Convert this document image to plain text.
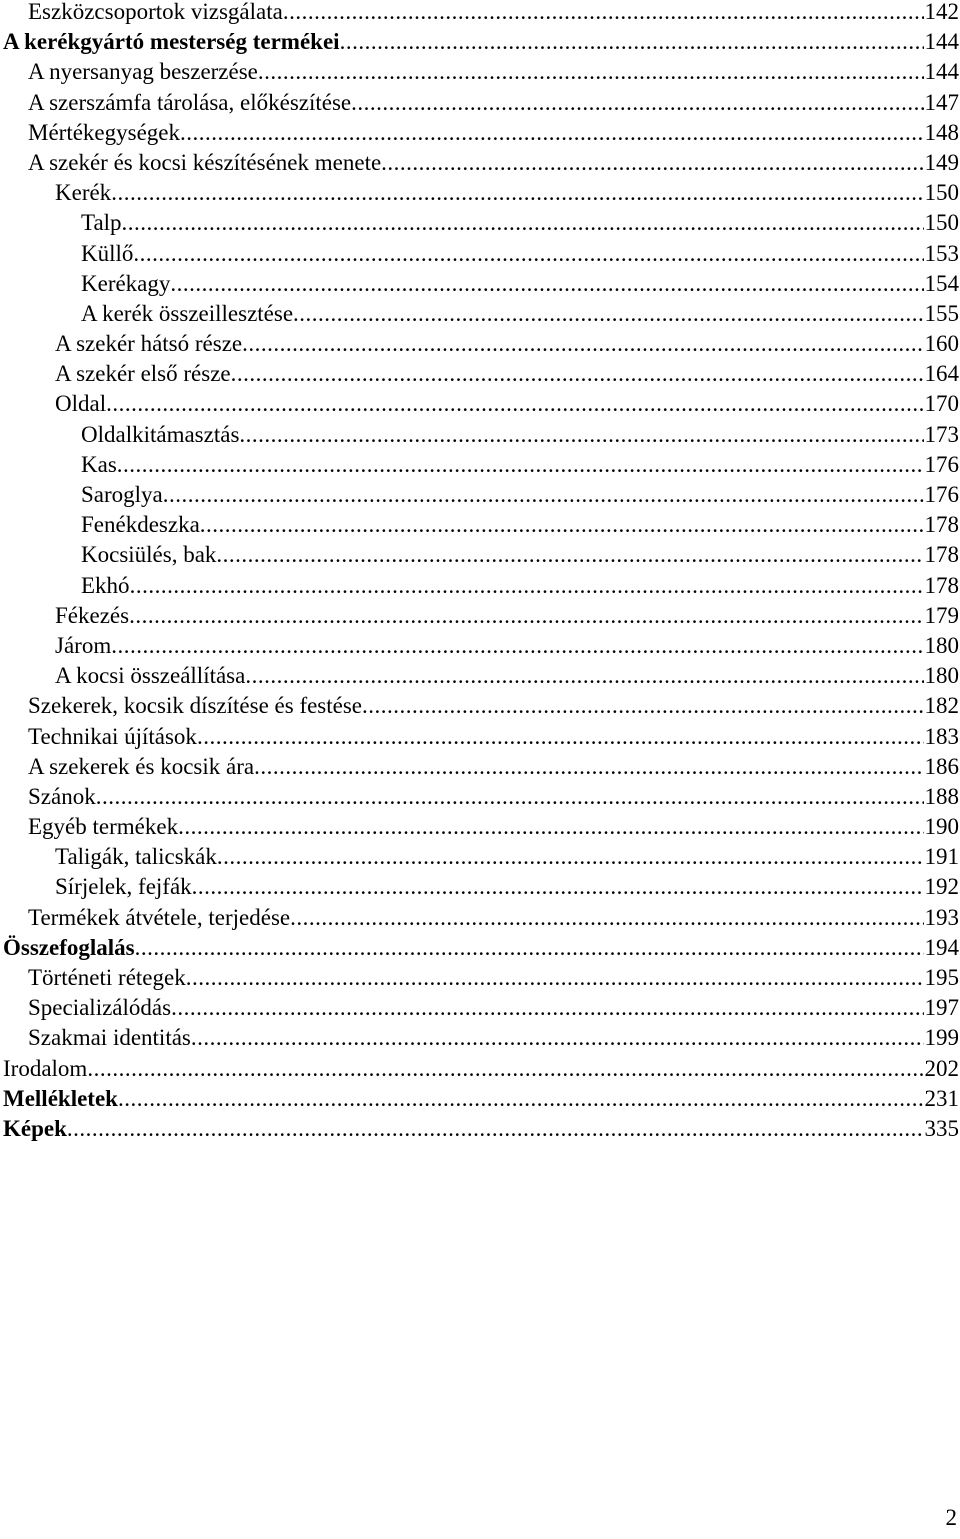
Eszközcsoportok vizsgálata .....	142
A kerékgyártó mesterség termékei .....	144
A nyersanyag beszerzése .....	144
A szerszámfa tárolása, előkészítése .....	147
Mértékegységek .....	148
A szekér és kocsi készítésének menete .....	149
Kerék .....	150
Talp .....	150
Küllő .....	153
Kerékagy .....	154
A kerék összeillesztése .....	155
A szekér hátsó része .....	160
A szekér első része .....	164
Oldal .....	170
Oldalkitámasztás .....	173
Kas .....	176
Saroglya .....	176
Fenékdeszka .....	178
Kocsiülés, bak .....	178
Ekhó .....	178
Fékezés .....	179
Járom .....	180
A kocsi összeállítása .....	180
Szekerek, kocsik díszítése és festése .....	182
Technikai újítások .....	183
A szekerek és kocsik ára .....	186
Szánok .....	188
Egyéb termékek .....	190
Taligák, talicskák .....	191
Sírjelek, fejfák .....	192
Termékek átvétele, terjedése .....	193
Összefoglalás .....	194
Történeti rétegek .....	195
Specializálódás .....	197
Szakmai identitás .....	199
Irodalom .....	202
Mellékletek .....	231
Képek .....	335
2
